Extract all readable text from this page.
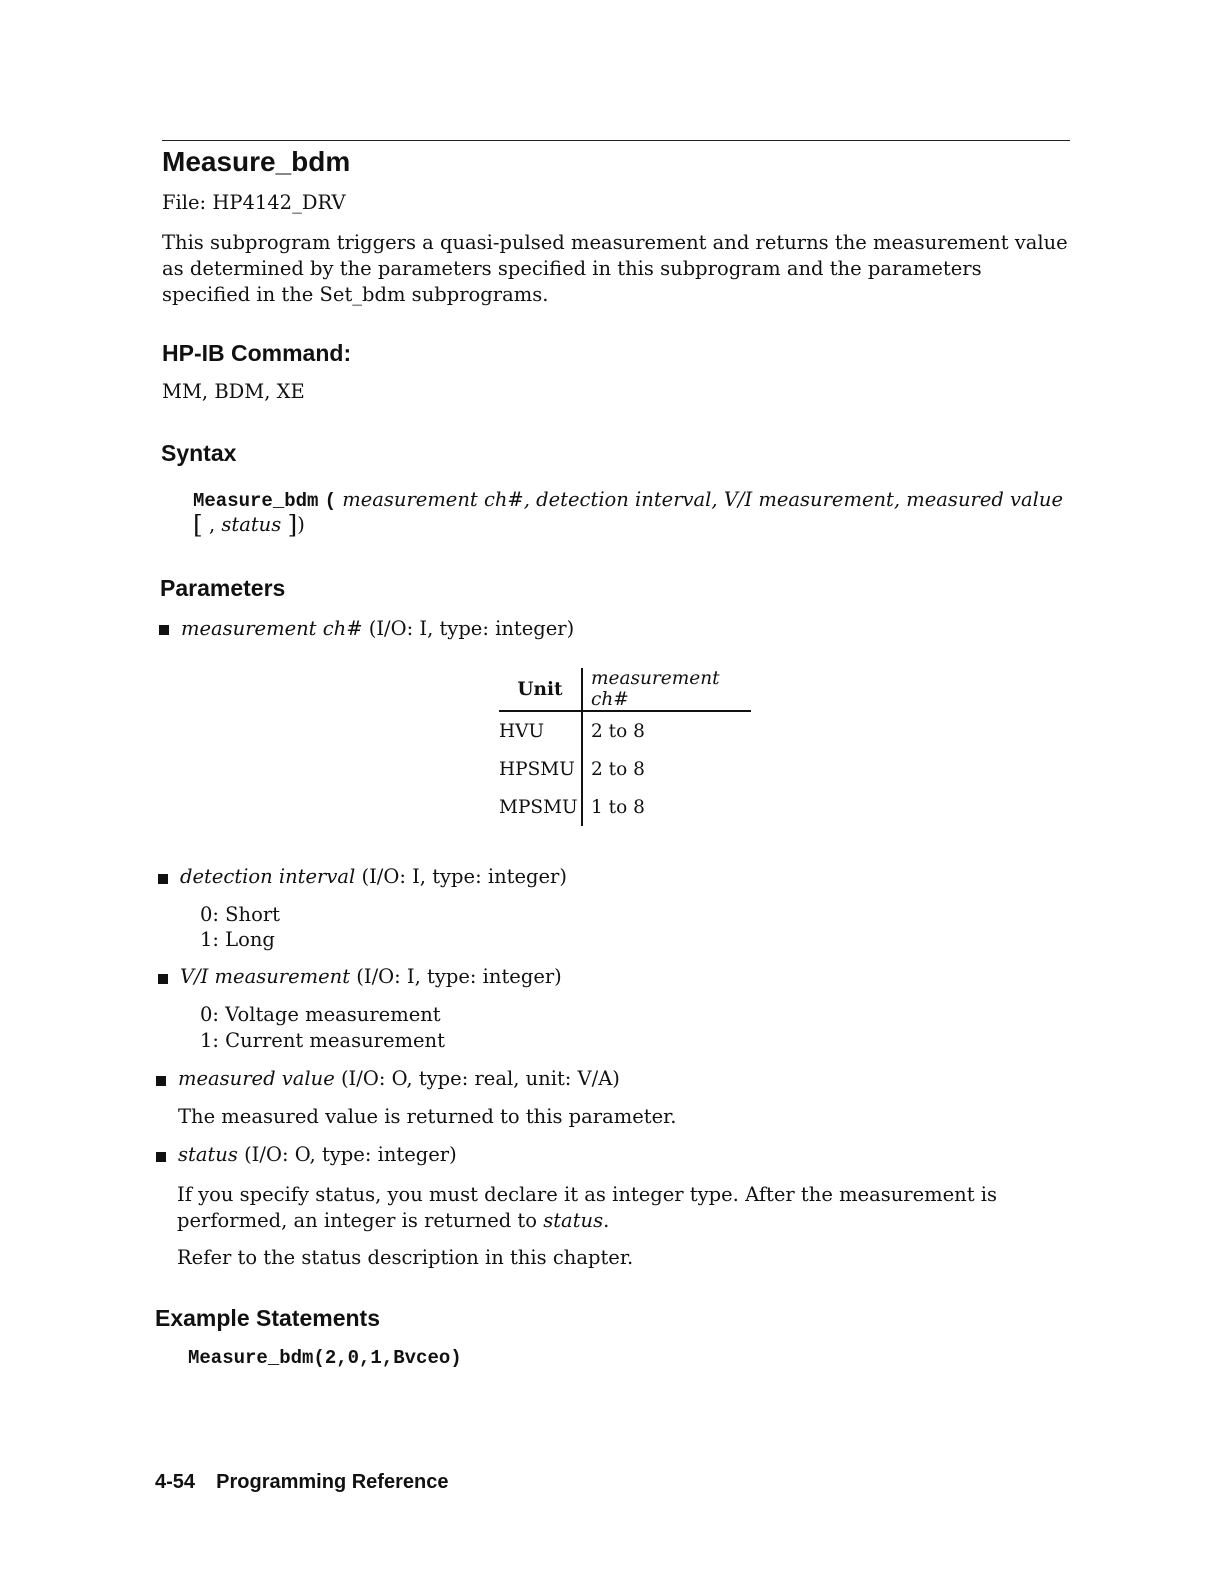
Measure_bdm
File: HP4142_DRV
This subprogram triggers a quasi-pulsed measurement and returns the measurement value as determined by the parameters specified in this subprogram and the parameters specified in the Set_bdm subprograms.
HP-IB Command:
MM, BDM, XE
Syntax
Measure_bdm ( measurement ch#, detection interval, V/I measurement, measured value
[ , status ])
Parameters
measurement ch# (I/O: I, type: integer)
Unit	measurement ch#
HVU	2 to 8
HPSMU	2 to 8
MPSMU	1 to 8
detection interval (I/O: I, type: integer)
0: Short
1: Long
V/I measurement (I/O: I, type: integer)
0: Voltage measurement
1: Current measurement
measured value (I/O: O, type: real, unit: V/A)
The measured value is returned to this parameter.
status (I/O: O, type: integer)
If you specify status, you must declare it as integer type. After the measurement is performed, an integer is returned to status.
Refer to the status description in this chapter.
Example Statements
Measure_bdm(2,0,1,Bvceo)
4-54 Programming Reference
